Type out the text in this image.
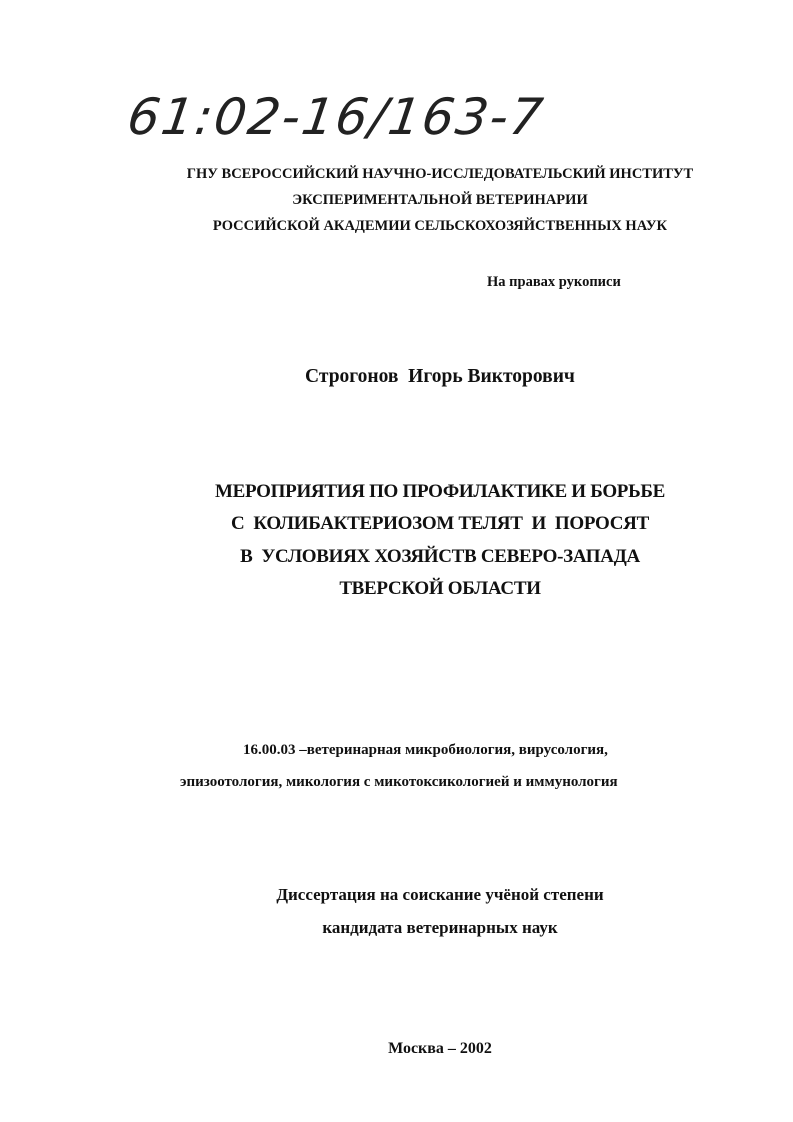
61:02-16/163-7
ГНУ ВСЕРОССИЙСКИЙ НАУЧНО-ИССЛЕДОВАТЕЛЬСКИЙ ИНСТИТУТ
ЭКСПЕРИМЕНТАЛЬНОЙ ВЕТЕРИНАРИИ
РОССИЙСКОЙ АКАДЕМИИ СЕЛЬСКОХОЗЯЙСТВЕННЫХ НАУК
На правах рукописи
Строгонов  Игорь Викторович
МЕРОПРИЯТИЯ ПО ПРОФИЛАКТИКЕ И БОРЬБЕ
С  КОЛИБАКТЕРИОЗОМ ТЕЛЯТ  И  ПОРОСЯТ
В  УСЛОВИЯХ ХОЗЯЙСТВ СЕВЕРО-ЗАПАДА
ТВЕРСКОЙ ОБЛАСТИ
16.00.03 –ветеринарная микробиология, вирусология,
эпизоотология, микология с микотоксикологией и иммунология
Диссертация на соискание учёной степени
кандидата ветеринарных наук
Москва – 2002
